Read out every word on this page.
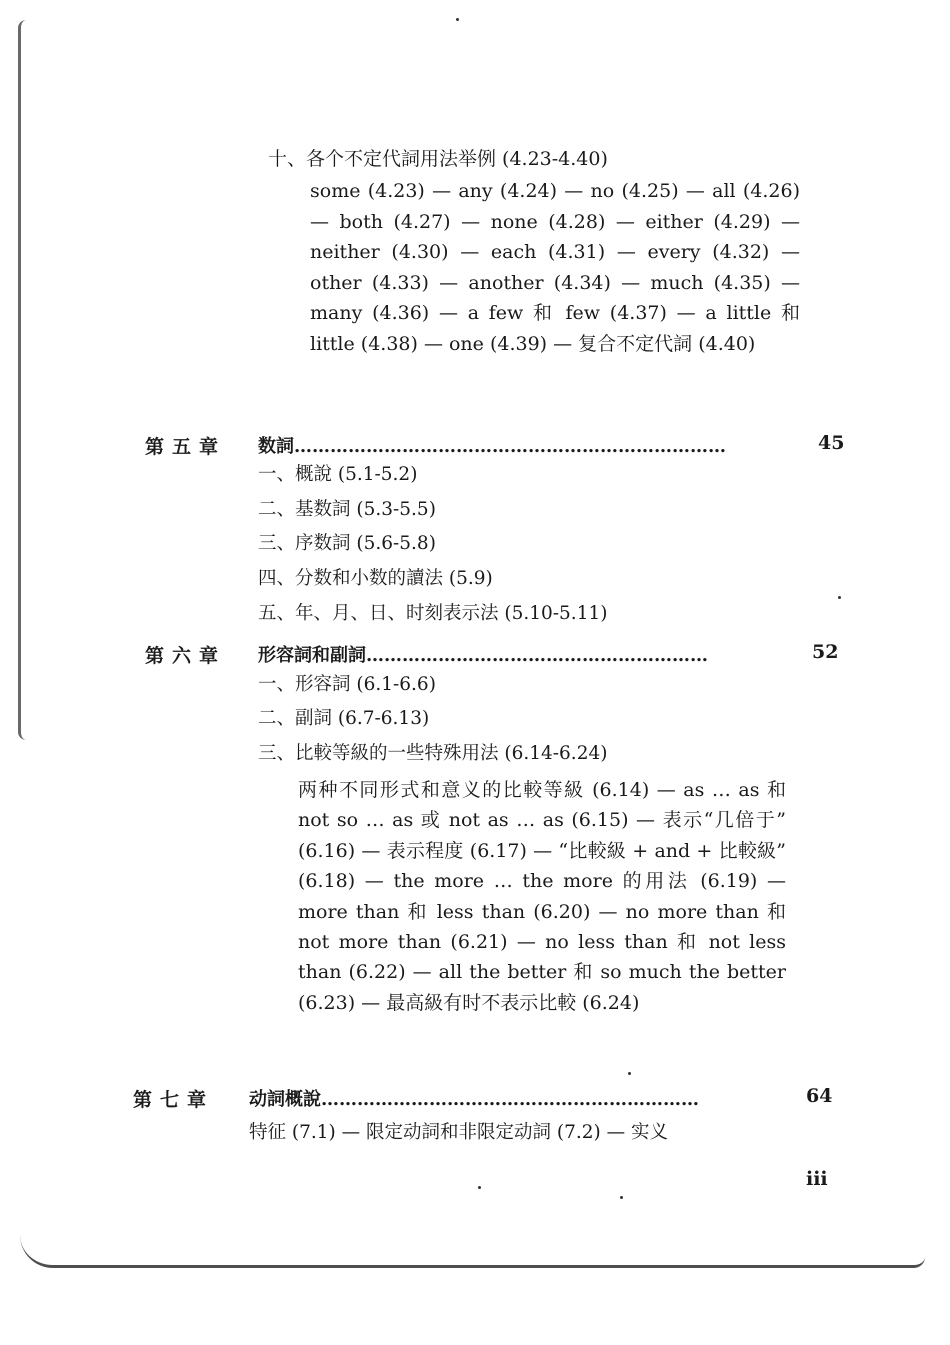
十、各个不定代詞用法举例 (4.23-4.40)
some (4.23) — any (4.24) — no (4.25) — all (4.26) — both (4.27) — none (4.28) — either (4.29) — neither (4.30) — each (4.31) — every (4.32) — other (4.33) — another (4.34) — much (4.35) — many (4.36) — a few 和 few (4.37) — a little 和 little (4.38) — one (4.39) — 复合不定代詞 (4.40)
第五章 数詞………………………………………………………………	45
一、概說 (5.1-5.2)
二、基数詞 (5.3-5.5)
三、序数詞 (5.6-5.8)
四、分数和小数的讀法 (5.9)
五、年、月、日、时刻表示法 (5.10-5.11)
第六章 形容詞和副詞…………………………………………………	52
一、形容詞 (6.1-6.6)
二、副詞 (6.7-6.13)
三、比較等級的一些特殊用法 (6.14-6.24)
两种不同形式和意义的比較等級 (6.14) — as … as 和 not so … as 或 not as … as (6.15) — 表示“几倍于” (6.16) — 表示程度 (6.17) — “比較級 + and + 比較級” (6.18) — the more … the more 的用法 (6.19) — more than 和 less than (6.20) — no more than 和 not more than (6.21) — no less than 和 not less than (6.22) — all the better 和 so much the better (6.23) — 最高級有时不表示比較 (6.24)
第七章 动詞概說………………………………………………………	64
特征 (7.1) — 限定动詞和非限定动詞 (7.2) — 实义
iii
